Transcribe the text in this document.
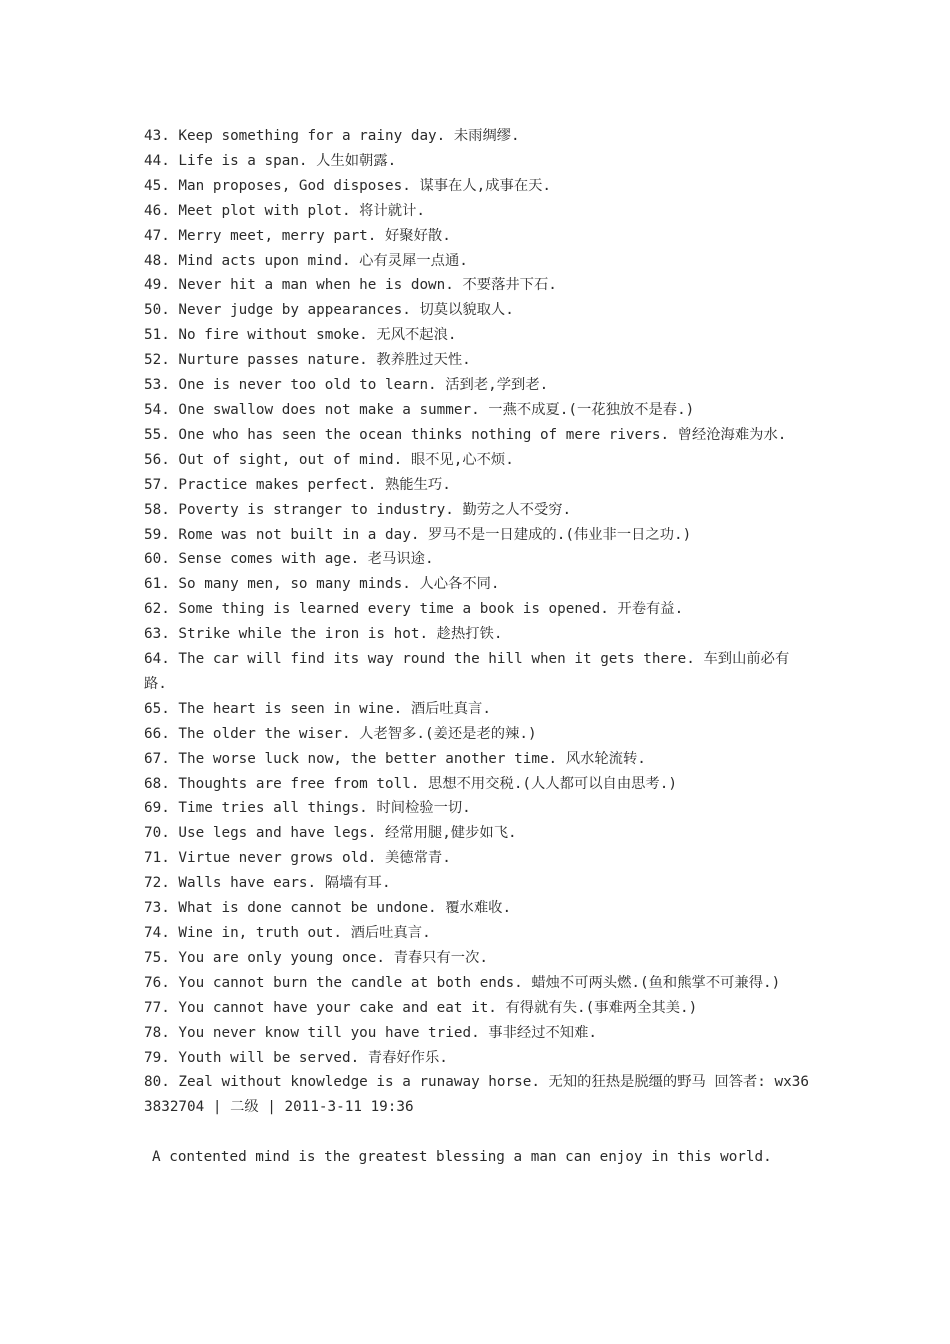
43. Keep something for a rainy day. 未雨绸缪.

44. Life is a span. 人生如朝露.

45. Man proposes, God disposes. 谋事在人,成事在天.

46. Meet plot with plot. 将计就计.

47. Merry meet, merry part. 好聚好散.

48. Mind acts upon mind. 心有灵犀一点通.

49. Never hit a man when he is down. 不要落井下石.

50. Never judge by appearances. 切莫以貌取人.

51. No fire without smoke. 无风不起浪.

52. Nurture passes nature. 教养胜过天性.

53. One is never too old to learn. 活到老,学到老.

54. One swallow does not make a summer. 一燕不成夏.(一花独放不是春.)

55. One who has seen the ocean thinks nothing of mere rivers. 曾经沧海难为水.

56. Out of sight, out of mind. 眼不见,心不烦.

57. Practice makes perfect. 熟能生巧.

58. Poverty is stranger to industry. 勤劳之人不受穷.

59. Rome was not built in a day. 罗马不是一日建成的.(伟业非一日之功.)

60. Sense comes with age. 老马识途.

61. So many men, so many minds. 人心各不同.

62. Some thing is learned every time a book is opened. 开卷有益.

63. Strike while the iron is hot. 趁热打铁.

64. The car will find its way round the hill when it gets there. 车到山前必有路.

65. The heart is seen in wine. 酒后吐真言.

66. The older the wiser. 人老智多.(姜还是老的辣.)

67. The worse luck now, the better another time. 风水轮流转.

68. Thoughts are free from toll. 思想不用交税.(人人都可以自由思考.)

69. Time tries all things. 时间检验一切.

70. Use legs and have legs. 经常用腿,健步如飞.

71. Virtue never grows old. 美德常青.

72. Walls have ears. 隔墙有耳.

73. What is done cannot be undone. 覆水难收.

74. Wine in, truth out. 酒后吐真言.

75. You are only young once. 青春只有一次.

76. You cannot burn the candle at both ends. 蜡烛不可两头燃.(鱼和熊掌不可兼得.)

77. You cannot have your cake and eat it. 有得就有失.(事难两全其美.)

78. You never know till you have tried. 事非经过不知难.

79. Youth will be served. 青春好作乐.

80. Zeal without knowledge is a runaway horse. 无知的狂热是脱缰的野马 回答者: wx363832704 | 二级 | 2011-3-11 19:36

A contented mind is the greatest blessing a man can enjoy in this world.
